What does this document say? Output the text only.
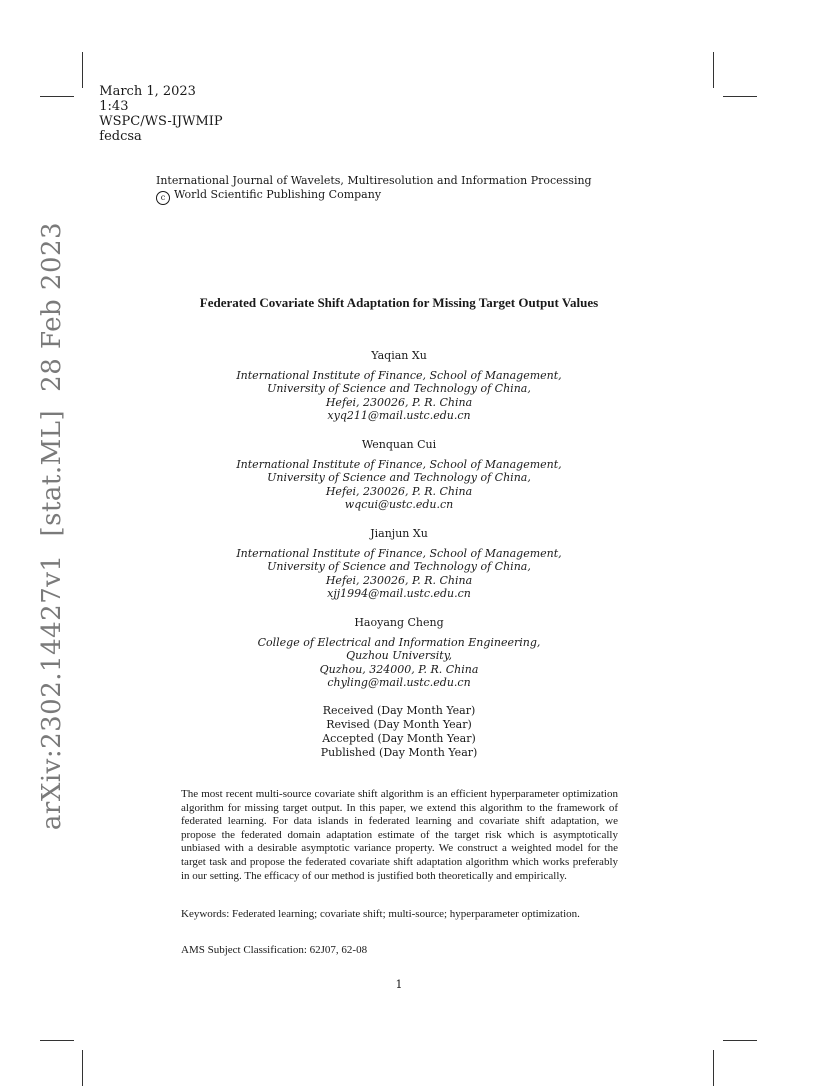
March 1, 2023
1:43
WSPC/WS-IJWMIP
fedcsa

International Journal of Wavelets, Multiresolution and Information Processing
c World Scientific Publishing Company
arXiv:2302.14427v1[stat.ML]28 Feb 2023	Federated Covariate Shift Adaptation for Missing Target Output Values
Yaqian Xu
International Institute of Finance, School of Management,
University of Science and Technology of China,
Hefei, 230026, P. R. China
xyq211@mail.ustc.edu.cn
Wenquan Cui
International Institute of Finance, School of Management,
University of Science and Technology of China,
Hefei, 230026, P. R. China
wqcui@ustc.edu.cn
Jianjun Xu
International Institute of Finance, School of Management,
University of Science and Technology of China,
Hefei, 230026, P. R. China
xjj1994@mail.ustc.edu.cn
Haoyang Cheng
College of Electrical and Information Engineering,
Quzhou University,
Quzhou, 324000, P. R. China
chyling@mail.ustc.edu.cn
Received (Day Month Year)
Revised (Day Month Year)
Accepted (Day Month Year)
Published (Day Month Year)
The most recent multi-source covariate shift algorithm is an efficient hyperparameter optimization algorithm for missing target output. In this paper, we extend this algorithm to the framework of federated learning. For data islands in federated learning and covariate shift adaptation, we propose the federated domain adaptation estimate of the target risk which is asymptotically unbiased with a desirable asymptotic variance property. We construct a weighted model for the target task and propose the federated covariate shift adaptation algorithm which works preferably in our setting. The efficacy of our method is justified both theoretically and empirically.
Keywords: Federated learning; covariate shift; multi-source; hyperparameter optimization.
AMS Subject Classification: 62J07, 62-08
1
